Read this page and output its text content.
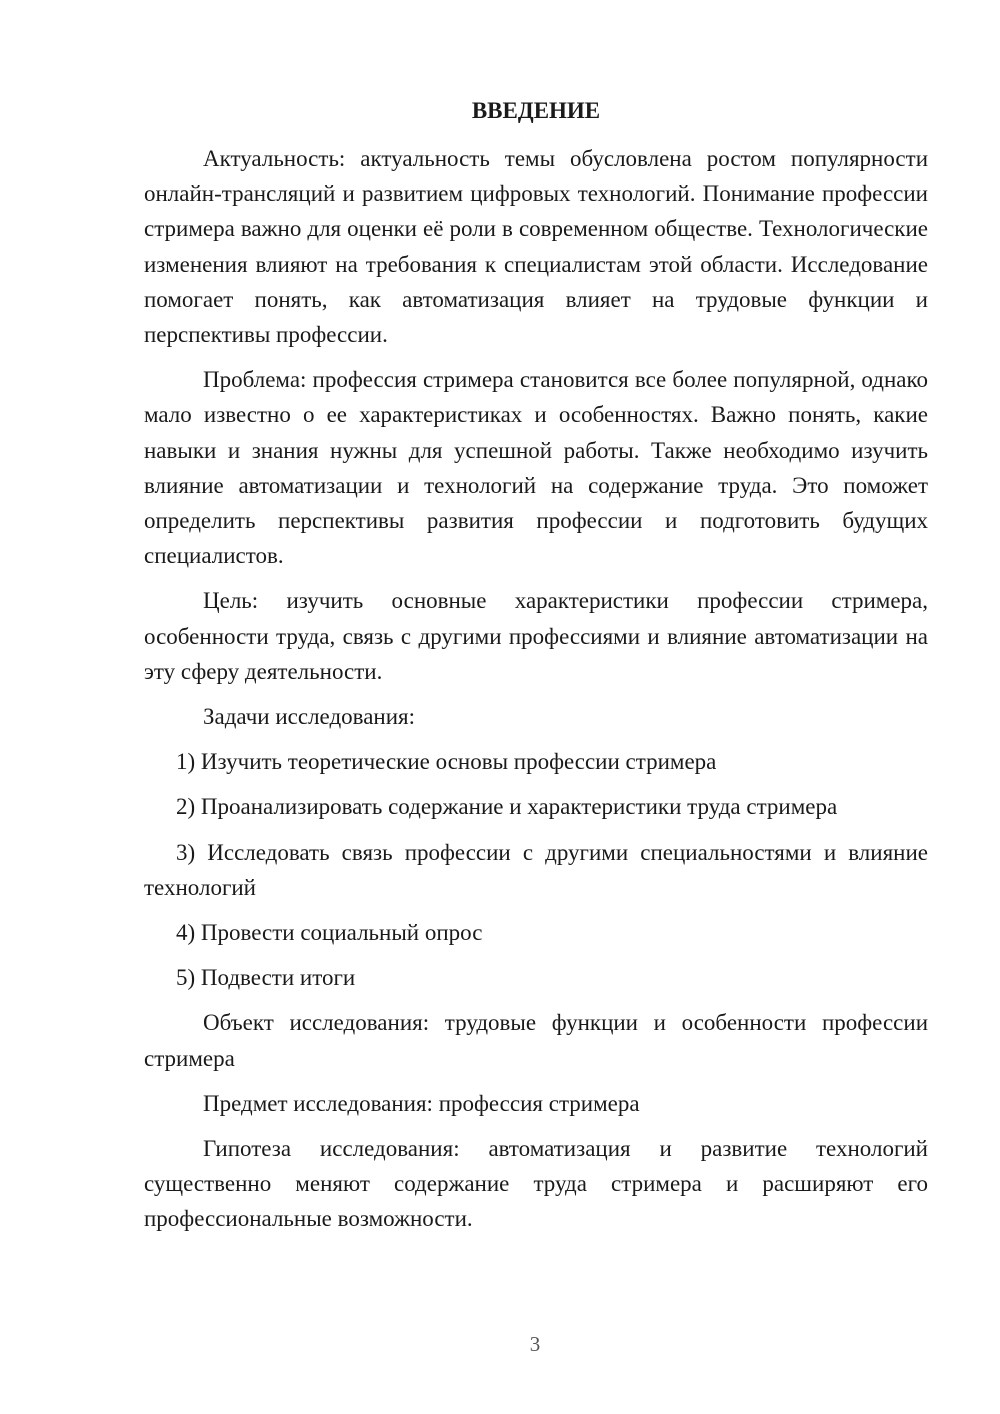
ВВЕДЕНИЕ

Актуальность: актуальность темы обусловлена ростом популярности онлайн-трансляций и развитием цифровых технологий. Понимание профессии стримера важно для оценки её роли в современном обществе. Технологические изменения влияют на требования к специалистам этой области. Исследование помогает понять, как автоматизация влияет на трудовые функции и перспективы профессии.

Проблема: профессия стримера становится все более популярной, однако мало известно о ее характеристиках и особенностях. Важно понять, какие навыки и знания нужны для успешной работы. Также необходимо изучить влияние автоматизации и технологий на содержание труда. Это поможет определить перспективы развития профессии и подготовить будущих специалистов.

Цель: изучить основные характеристики профессии стримера, особенности труда, связь с другими профессиями и влияние автоматизации на эту сферу деятельности.

Задачи исследования:

1) Изучить теоретические основы профессии стримера

2) Проанализировать содержание и характеристики труда стримера

3) Исследовать связь профессии с другими специальностями и влияние технологий

4) Провести социальный опрос

5) Подвести итоги

Объект исследования: трудовые функции и особенности профессии стримера

Предмет исследования: профессия стримера

Гипотеза исследования: автоматизация и развитие технологий существенно меняют содержание труда стримера и расширяют его профессиональные возможности.

3
